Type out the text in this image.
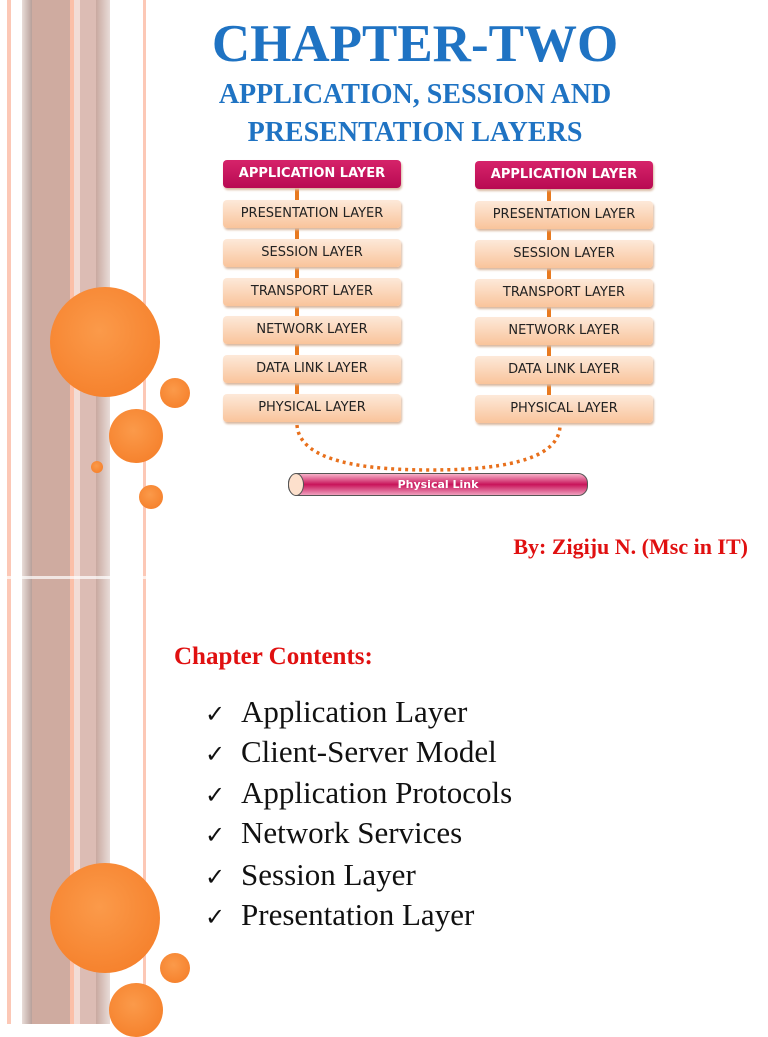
CHAPTER-TWO
APPLICATION, SESSION AND
PRESENTATION LAYERS
APPLICATION LAYER
PRESENTATION LAYER
SESSION LAYER
TRANSPORT LAYER
NETWORK LAYER
DATA LINK LAYER
PHYSICAL LAYER
APPLICATION LAYER
PRESENTATION LAYER
SESSION LAYER
TRANSPORT LAYER
NETWORK LAYER
DATA LINK LAYER
PHYSICAL LAYER
Physical Link
By: Zigiju N. (Msc in IT)
Chapter Contents:
✓ Application Layer
✓ Client-Server Model
✓ Application Protocols
✓ Network Services
✓ Session Layer
✓ Presentation Layer
